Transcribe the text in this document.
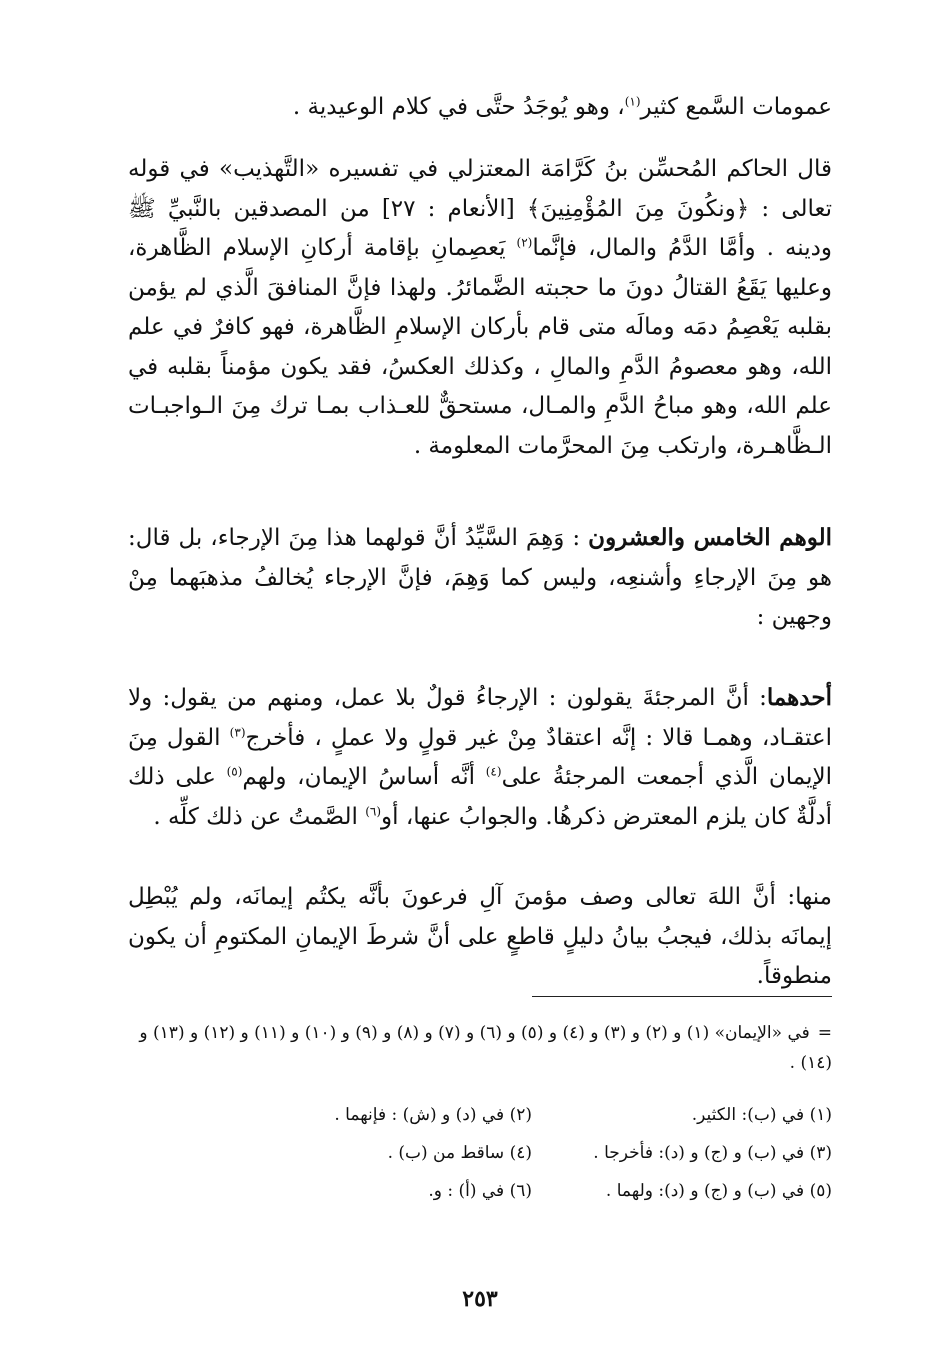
عمومات السَّمع كثير$^{(١)}$، وهو يُوجَدُ حتَّى في كلام الوعيدية .

قال الحاكم المُحسِّن بنُ كَرَّامَة المعتزلي في تفسيره «التَّهذيب» في قوله تعالى : ﴿ونكُونَ مِنَ المُؤْمِنِينَ﴾ [الأنعام : ٢٧] من المصدقين بالنَّبيِّ ﷺ ودينه . وأمَّا الدَّمُ والمال، فإنَّما$^{(٢)}$ يَعصِمانِ بإقامة أركانِ الإسلام الظَّاهرة، وعليها يَقَعُ القتالُ دونَ ما حجبته الضَّمائرُ. ولهذا فإنَّ المنافقَ الَّذي لم يؤمن بقلبه يَعْصِمُ دمَه ومالَه متى قام بأركان الإسلامِ الظَّاهرة، فهو كافرٌ في علم الله، وهو معصومُ الدَّمِ والمالِ ، وكذلك العكسُ، فقد يكون مؤمناً بقلبه في علم الله، وهو مباحُ الدَّمِ والمـال، مستحقٌّ للعـذاب بمـا ترك مِنَ الـواجبـات الـظَّاهـرة، وارتكب مِنَ المحرَّمات المعلومة .

الوهم الخامس والعشرون : وَهِمَ السَّيِّدُ أنَّ قولهما هذا مِنَ الإرجاء، بل قال: هو مِنَ الإرجاءِ وأشنعِه، وليس كما وَهِمَ، فإنَّ الإرجاء يُخالفُ مذهبَهما مِنْ وجهين :

أحدهما: أنَّ المرجئةَ يقولون : الإرجاءُ قولٌ بلا عمل، ومنهم من يقول: ولا اعتقـاد، وهمـا قالا : إنَّه اعتقادٌ مِنْ غير قولٍ ولا عملٍ ، فأخرج$^{(٣)}$ القول مِنَ الإيمان الَّذي أجمعت المرجئةُ على$^{(٤)}$ أنَّه أساسُ الإيمان، ولهم$^{(٥)}$ على ذلك أدلَّةٌ كان يلزم المعترض ذكرهُا. والجوابُ عنها، أو$^{(٦)}$ الصَّمتُ عن ذلك كلِّه .

منها: أنَّ اللهَ تعالى وصف مؤمنَ آلِ فرعونَ بأنَّه يكتُم إيمانَه، ولم يُبْطِل إيمانَه بذلك، فيجبُ بيانُ دليلٍ قاطعٍ على أنَّ شرطَ الإيمانِ المكتومِ أن يكون منطوقاً.

=في «الإيمان» (١) و (٢) و (٣) و (٤) و (٥) و (٦) و (٧) و (٨) و (٩) و (١٠) و (١١) و (١٢) و (١٣) و (١٤) .
(١) في (ب): الكثير.
(٢) في (د) و (ش) : فإنهما .
(٣) في (ب) و (ج) و (د): فأخرجا .
(٤) ساقط من (ب) .
(٥) في (ب) و (ج) و (د): ولهما .
(٦) في (أ) : و.
٢٥٣
